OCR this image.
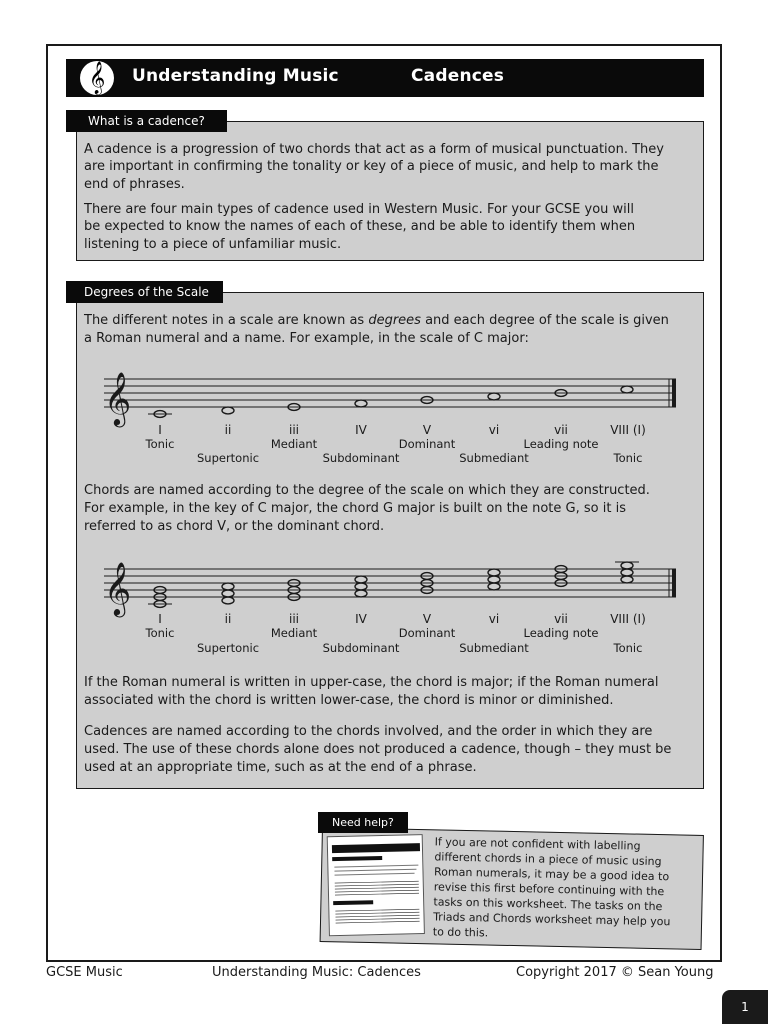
𝄞 Understanding Music	Cadences
What is a cadence?
A cadence is a progression of two chords that act as a form of musical punctuation. They
are important in confirming the tonality or key of a piece of music, and help to mark the
end of phrases.
There are four main types of cadence used in Western Music. For your GCSE you will
be expected to know the names of each of these, and be able to identify them when
listening to a piece of unfamiliar music.
Degrees of the Scale
The different notes in a scale are known as degrees and each degree of the scale is given
a Roman numeral and a name. For example, in the scale of C major:
𝄞
I	ii	iii	IV	V	vi	vii	VIII (I)
Tonic
Supertonic
Mediant
Subdominant
Dominant
Submediant
Leading note
Tonic
Chords are named according to the degree of the scale on which they are constructed.
For example, in the key of C major, the chord G major is built on the note G, so it is
referred to as chord V, or the dominant chord.
𝄞
I	ii	iii	IV	V	vi	vii	VIII (I)
Tonic
Supertonic
Mediant
Subdominant
Dominant
Submediant
Leading note
Tonic
If the Roman numeral is written in upper-case, the chord is major; if the Roman numeral
associated with the chord is written lower-case, the chord is minor or diminished.
Cadences are named according to the chords involved, and the order in which they are
used. The use of these chords alone does not produced a cadence, though – they must be
used at an appropriate time, such as at the end of a phrase.
If you are not confident with labelling
different chords in a piece of music using
Roman numerals, it may be a good idea to
revise this first before continuing with the
tasks on this worksheet. The tasks on the
Triads and Chords worksheet may help you
to do this.
Need help?
GCSE Music	Understanding Music: Cadences	Copyright 2017 © Sean Young
1
